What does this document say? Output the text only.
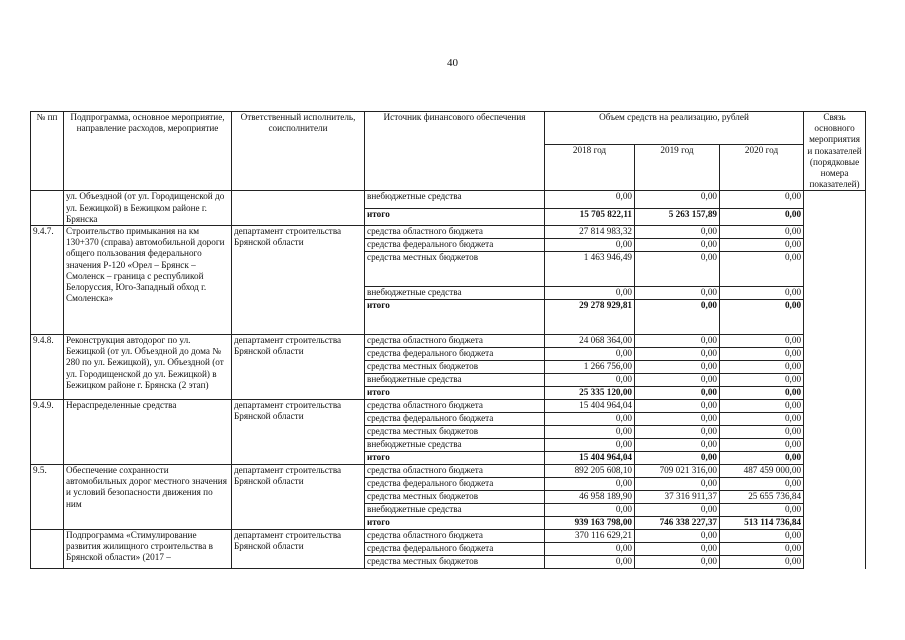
40
№ пп	Подпрограмма, основное мероприятие, направление расходов, мероприятие	Ответственный исполнитель, соисполнители	Источник финансового обеспечения	Объем средств на реализацию, рублей			Связь основного мероприятия и показателей (порядковые номера показателей)
				2018 год	2019 год	2020 год	
	ул. Объездной (от ул. Городищенской до ул. Бежицкой) в Бежицком районе г. Брянска		внебюджетные средства	0,00	0,00	0,00	
			итого	15 705 822,11	5 263 157,89	0,00	
9.4.7.	Строительство примыкания на км 130+370 (справа) автомобильной дороги общего пользования федерального значения Р-120 «Орел – Брянск – Смоленск – граница с республикой Белоруссия, Юго-Западный обход г. Смоленска»	департамент строительства Брянской области	средства областного бюджета	27 814 983,32	0,00	0,00	
			средства федерального бюджета	0,00	0,00	0,00	
			средства местных бюджетов	1 463 946,49	0,00	0,00	
			внебюджетные средства	0,00	0,00	0,00	
			итого	29 278 929,81	0,00	0,00	
9.4.8.	Реконструкция автодорог по ул. Бежицкой (от ул. Объездной до дома № 280 по ул. Бежицкой), ул. Объездной (от ул. Городищенской до ул. Бежицкой) в Бежицком районе г. Брянска (2 этап)	департамент строительства Брянской области	средства областного бюджета	24 068 364,00	0,00	0,00	
			средства федерального бюджета	0,00	0,00	0,00	
			средства местных бюджетов	1 266 756,00	0,00	0,00	
			внебюджетные средства	0,00	0,00	0,00	
			итого	25 335 120,00	0,00	0,00	
9.4.9.	Нераспределенные средства	департамент строительства Брянской области	средства областного бюджета	15 404 964,04	0,00	0,00	
			средства федерального бюджета	0,00	0,00	0,00	
			средства местных бюджетов	0,00	0,00	0,00	
			внебюджетные средства	0,00	0,00	0,00	
			итого	15 404 964,04	0,00	0,00	
9.5.	Обеспечение сохранности автомобильных дорог местного значения и условий безопасности движения по ним	департамент строительства Брянской области	средства областного бюджета	892 205 608,10	709 021 316,00	487 459 000,00	
			средства федерального бюджета	0,00	0,00	0,00	
			средства местных бюджетов	46 958 189,90	37 316 911,37	25 655 736,84	
			внебюджетные средства	0,00	0,00	0,00	
			итого	939 163 798,00	746 338 227,37	513 114 736,84	
	Подпрограмма «Стимулирование развития жилищного строительства в Брянской области» (2017 –	департамент строительства Брянской области	средства областного бюджета	370 116 629,21	0,00	0,00	
			средства федерального бюджета	0,00	0,00	0,00	
			средства местных бюджетов	0,00	0,00	0,00	
